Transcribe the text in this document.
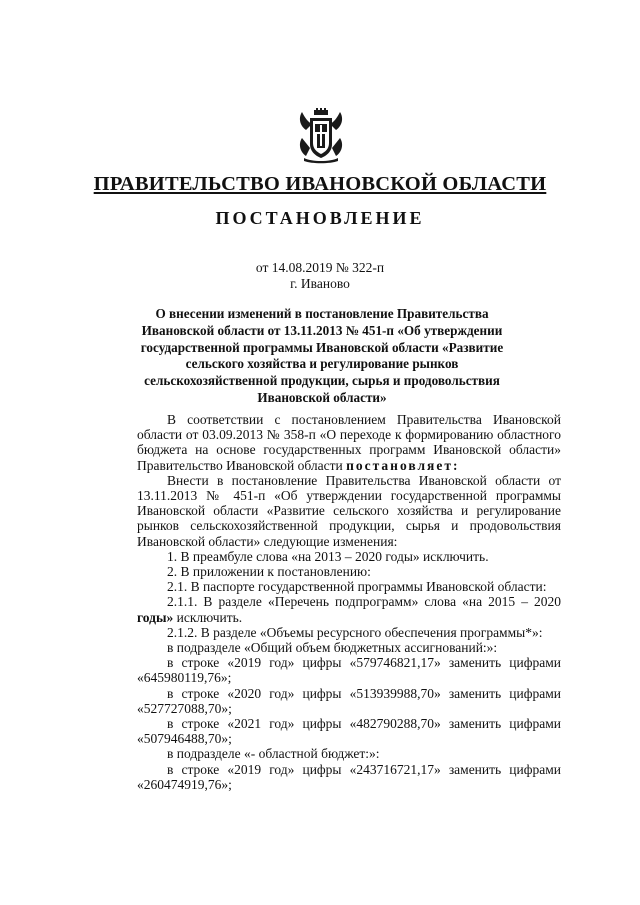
ПРАВИТЕЛЬСТВО ИВАНОВСКОЙ ОБЛАСТИ
ПОСТАНОВЛЕНИЕ
от 14.08.2019 № 322-п
г. Иваново
О внесении изменений в постановление Правительства Ивановской области от 13.11.2013 № 451-п «Об утверждении государственной программы Ивановской области «Развитие сельского хозяйства и регулирование рынков сельскохозяйственной продукции, сырья и продовольствия Ивановской области»

В соответствии с постановлением Правительства Ивановской области от 03.09.2013 № 358-п «О переходе к формированию областного бюджета на основе государственных программ Ивановской области» Правительство Ивановской области постановляет:

Внести в постановление Правительства Ивановской области от 13.11.2013 № 451-п «Об утверждении государственной программы Ивановской области «Развитие сельского хозяйства и регулирование рынков сельскохозяйственной продукции, сырья и продовольствия Ивановской области» следующие изменения:

1. В преамбуле слова «на 2013 – 2020 годы» исключить.

2. В приложении к постановлению:

2.1. В паспорте государственной программы Ивановской области:

2.1.1. В разделе «Перечень подпрограмм» слова «на 2015 – 2020 годы» исключить.

2.1.2. В разделе «Объемы ресурсного обеспечения программы*»:

в подразделе «Общий объем бюджетных ассигнований:»:

в строке «2019 год» цифры «579746821,17» заменить цифрами «645980119,76»;

в строке «2020 год» цифры «513939988,70» заменить цифрами «527727088,70»;

в строке «2021 год» цифры «482790288,70» заменить цифрами «507946488,70»;

в подразделе «- областной бюджет:»:

в строке «2019 год» цифры «243716721,17» заменить цифрами «260474919,76»;
